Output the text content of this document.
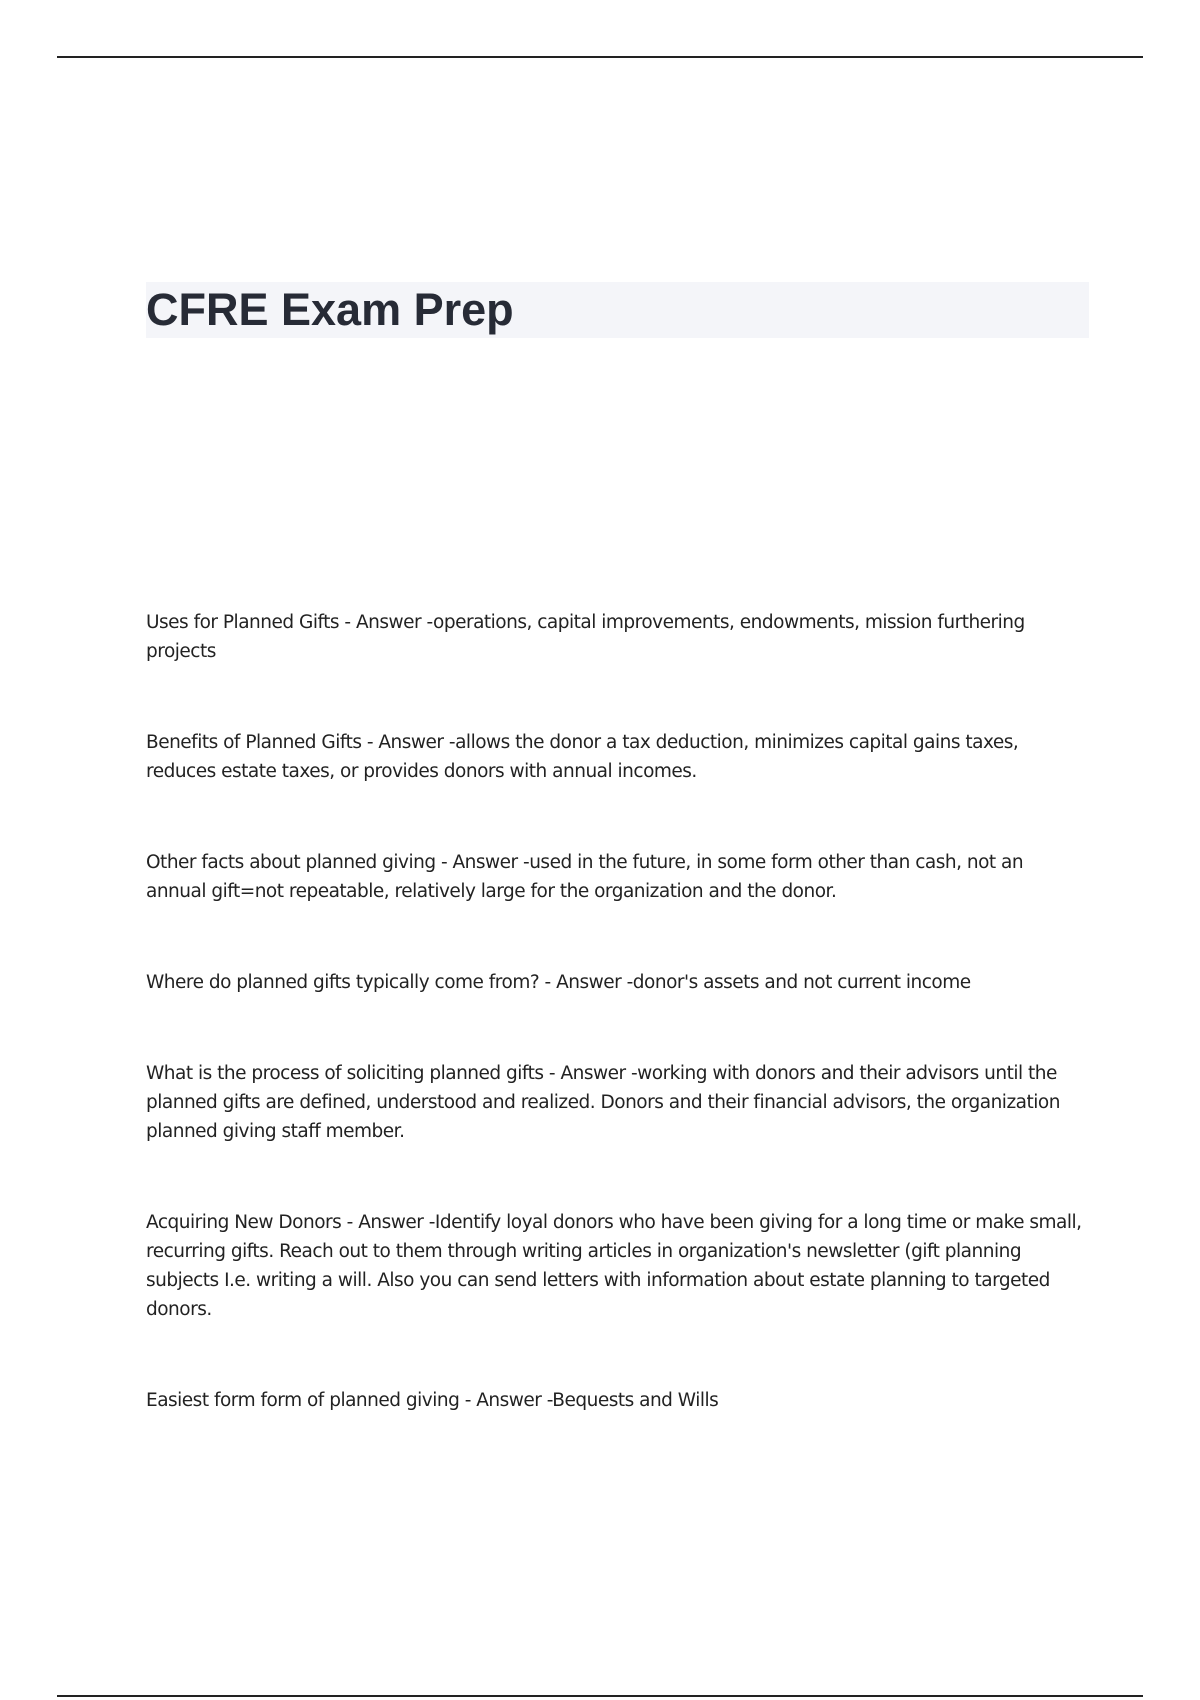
CFRE Exam Prep
Uses for Planned Gifts - Answer -operations, capital improvements, endowments, mission furthering projects
Benefits of Planned Gifts - Answer -allows the donor a tax deduction, minimizes capital gains taxes, reduces estate taxes, or provides donors with annual incomes.
Other facts about planned giving - Answer -used in the future, in some form other than cash, not an annual gift=not repeatable, relatively large for the organization and the donor.
Where do planned gifts typically come from? - Answer -donor's assets and not current income
What is the process of soliciting planned gifts - Answer -working with donors and their advisors until the planned gifts are defined, understood and realized. Donors and their financial advisors, the organization planned giving staff member.
Acquiring New Donors - Answer -Identify loyal donors who have been giving for a long time or make small, recurring gifts. Reach out to them through writing articles in organization's newsletter (gift planning subjects I.e. writing a will. Also you can send letters with information about estate planning to targeted donors.
Easiest form form of planned giving - Answer -Bequests and Wills
